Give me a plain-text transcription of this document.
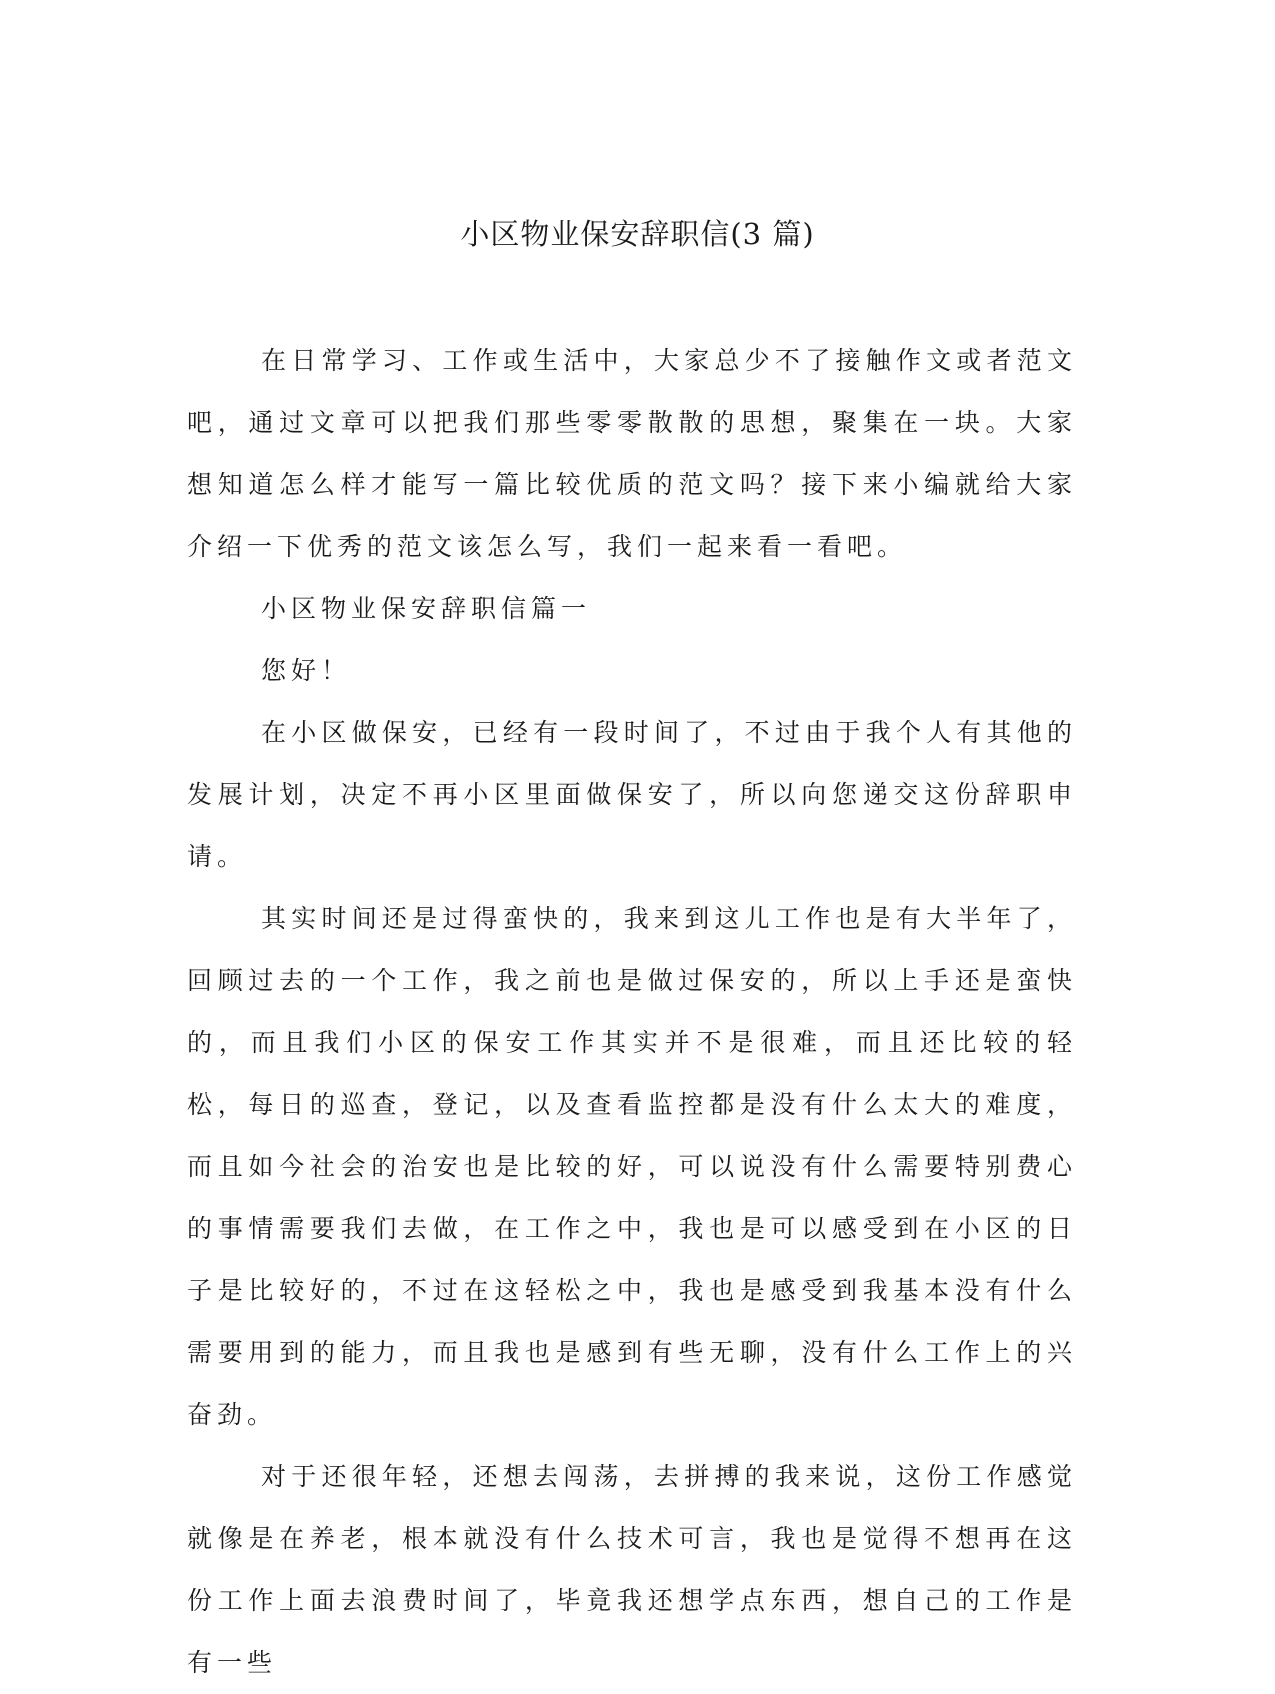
小区物业保安辞职信(3 篇)

在日常学习、工作或生活中，大家总少不了接触作文或者范文吧，通过文章可以把我们那些零零散散的思想，聚集在一块。大家想知道怎么样才能写一篇比较优质的范文吗？接下来小编就给大家介绍一下优秀的范文该怎么写，我们一起来看一看吧。

小区物业保安辞职信篇一

您好！

在小区做保安，已经有一段时间了，不过由于我个人有其他的发展计划，决定不再小区里面做保安了，所以向您递交这份辞职申请。

其实时间还是过得蛮快的，我来到这儿工作也是有大半年了，回顾过去的一个工作，我之前也是做过保安的，所以上手还是蛮快的，而且我们小区的保安工作其实并不是很难，而且还比较的轻松，每日的巡查，登记，以及查看监控都是没有什么太大的难度，而且如今社会的治安也是比较的好，可以说没有什么需要特别费心的事情需要我们去做，在工作之中，我也是可以感受到在小区的日子是比较好的，不过在这轻松之中，我也是感受到我基本没有什么需要用到的能力，而且我也是感到有些无聊，没有什么工作上的兴奋劲。

对于还很年轻，还想去闯荡，去拼搏的我来说，这份工作感觉就像是在养老，根本就没有什么技术可言，我也是觉得不想再在这份工作上面去浪费时间了，毕竟我还想学点东西，想自己的工作是有一些
